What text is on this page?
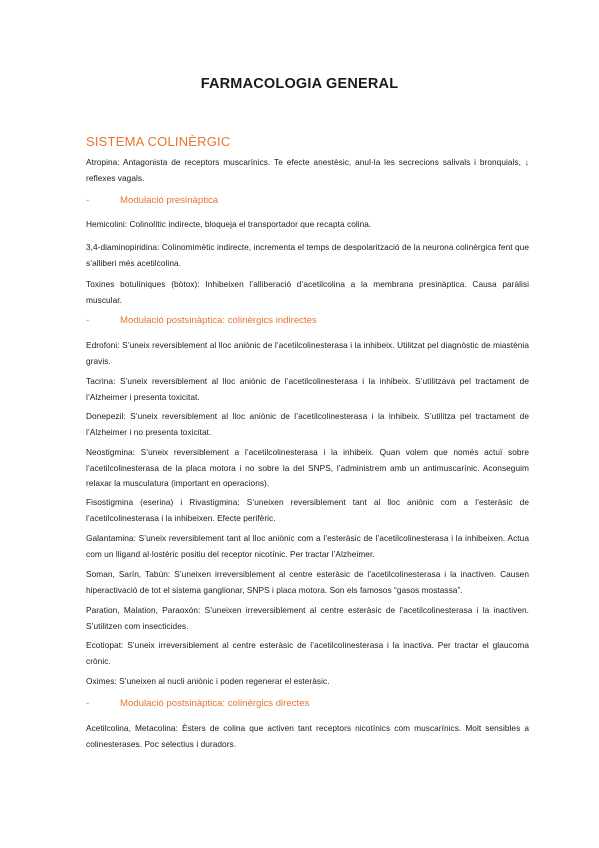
FARMACOLOGIA GENERAL
SISTEMA COLINÈRGIC

Atropina: Antagonista de receptors muscarínics. Te efecte anestèsic, anul·la les secrecions salivals i bronquials, ↓ reflexes vagals.

-	Modulació presinàptica

Hemicolini: Colinolític indirecte, bloqueja el transportador que recapta colina.

3,4-diaminopiridina: Colinomimètic indirecte, incrementa el temps de despolarització de la neurona colinèrgica fent que s’alliberi més acetilcolina.

Toxines botulíniques (bòtox): Inhibeixen l’alliberació d’acetilcolina a la membrana presinàptica. Causa paràlisi muscular.

-	Modulació postsinàptica: colinèrgics indirectes

Edrofoni: S’uneix reversiblement al lloc aniònic de l’acetilcolinesterasa i la inhibeix. Utilitzat pel diagnòstic de miastènia gravis.

Tacrina: S’uneix reversiblement al lloc aniònic de l’acetilcolinesterasa i la inhibeix. S’utilitzava pel tractament de l’Alzheimer i presenta toxicitat.

Donepezil: S’uneix reversiblement al lloc aniònic de l’acetilcolinesterasa i la inhibeix. S’utilitza pel tractament de l’Alzheimer i no presenta toxicitat.

Neostigmina: S’uneix reversiblement a l’acetilcolinesterasa i la inhibeix. Quan volem que només actuï sobre l’acetilcolinesterasa de la placa motora i no sobre la del SNPS, l’administrem amb un antimuscarínic. Aconseguim relaxar la musculatura (important en operacions).

Fisostigmina (eserina) i Rivastigmina: S’uneixen reversiblement tant al lloc aniònic com a l’esteràsic de l’acetilcolinesterasa i la inhibeixen. Efecte perifèric.

Galantamina: S’uneix reversiblement tant al lloc aniònic com a l’esteràsic de l’acetilcolinesterasa i la inhibeixen. Actua com un lligand al·lostèric positiu del receptor nicotínic. Per tractar l’Alzheimer.

Soman, Sarín, Tabún: S’uneixen irreversiblement al centre esteràsic de l’acetilcolinesterasa i la inactiven. Causen hiperactivació de tot el sistema ganglionar, SNPS i placa motora. Son els famosos “gasos mostassa”.

Paration, Malation, Paraoxón: S’uneixen irreversiblement al centre esteràsic de l’acetilcolinesterasa i la inactiven. S’utilitzen com insecticides.

Ecotiopat: S’uneix irreversiblement al centre esteràsic de l’acetilcolinesterasa i la inactiva. Per tractar el glaucoma crònic.

Oximes: S’uneixen al nucli aniònic i poden regenerar el esteràsic.

-	Modulació postsinàptica: colinèrgics directes

Acetilcolina, Metacolina: Èsters de colina que activen tant receptors nicotínics com muscarínics. Molt sensibles a colinesterases. Poc selectius i duradors.
